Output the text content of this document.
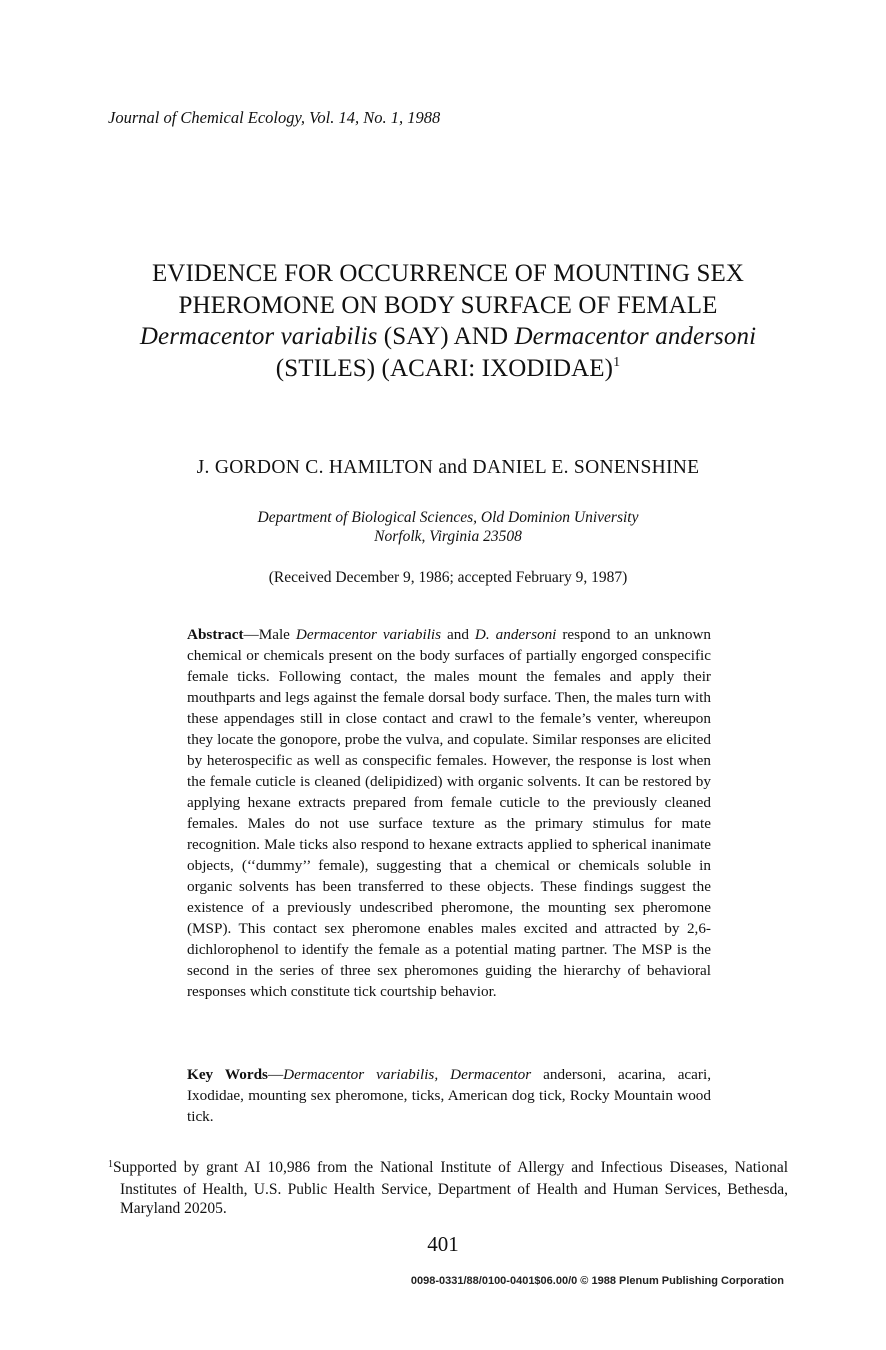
Journal of Chemical Ecology, Vol. 14, No. 1, 1988
EVIDENCE FOR OCCURRENCE OF MOUNTING SEX
PHEROMONE ON BODY SURFACE OF FEMALE
Dermacentor variabilis (SAY) AND Dermacentor andersoni
(STILES) (ACARI: IXODIDAE)$^1$
J. GORDON C. HAMILTON and DANIEL E. SONENSHINE
Department of Biological Sciences, Old Dominion University
Norfolk, Virginia 23508
(Received December 9, 1986; accepted February 9, 1987)
Abstract—Male Dermacentor variabilis and D. andersoni respond to an unknown chemical or chemicals present on the body surfaces of partially engorged conspecific female ticks. Following contact, the males mount the females and apply their mouthparts and legs against the female dorsal body surface. Then, the males turn with these appendages still in close contact and crawl to the female’s venter, whereupon they locate the gonopore, probe the vulva, and copulate. Similar responses are elicited by heterospecific as well as conspecific females. However, the response is lost when the female cuticle is cleaned (delipidized) with organic solvents. It can be restored by applying hexane extracts prepared from female cuticle to the previously cleaned females. Males do not use surface texture as the primary stimulus for mate recognition. Male ticks also respond to hexane extracts applied to spherical inanimate objects, (‘‘dummy’’ female), suggesting that a chemical or chemicals soluble in organic solvents has been transferred to these objects. These findings suggest the existence of a previously undescribed pheromone, the mounting sex pheromone (MSP). This contact sex pheromone enables males excited and attracted by 2,6-dichlorophenol to identify the female as a potential mating partner. The MSP is the second in the series of three sex pheromones guiding the hierarchy of behavioral responses which constitute tick courtship behavior.
Key Words—Dermacentor variabilis, Dermacentor andersoni, acarina, acari, Ixodidae, mounting sex pheromone, ticks, American dog tick, Rocky Mountain wood tick.
$^1$Supported by grant AI 10,986 from the National Institute of Allergy and Infectious Diseases, National Institutes of Health, U.S. Public Health Service, Department of Health and Human Services, Bethesda, Maryland 20205.
401
0098-0331/88/0100-0401$06.00/0 © 1988 Plenum Publishing Corporation
